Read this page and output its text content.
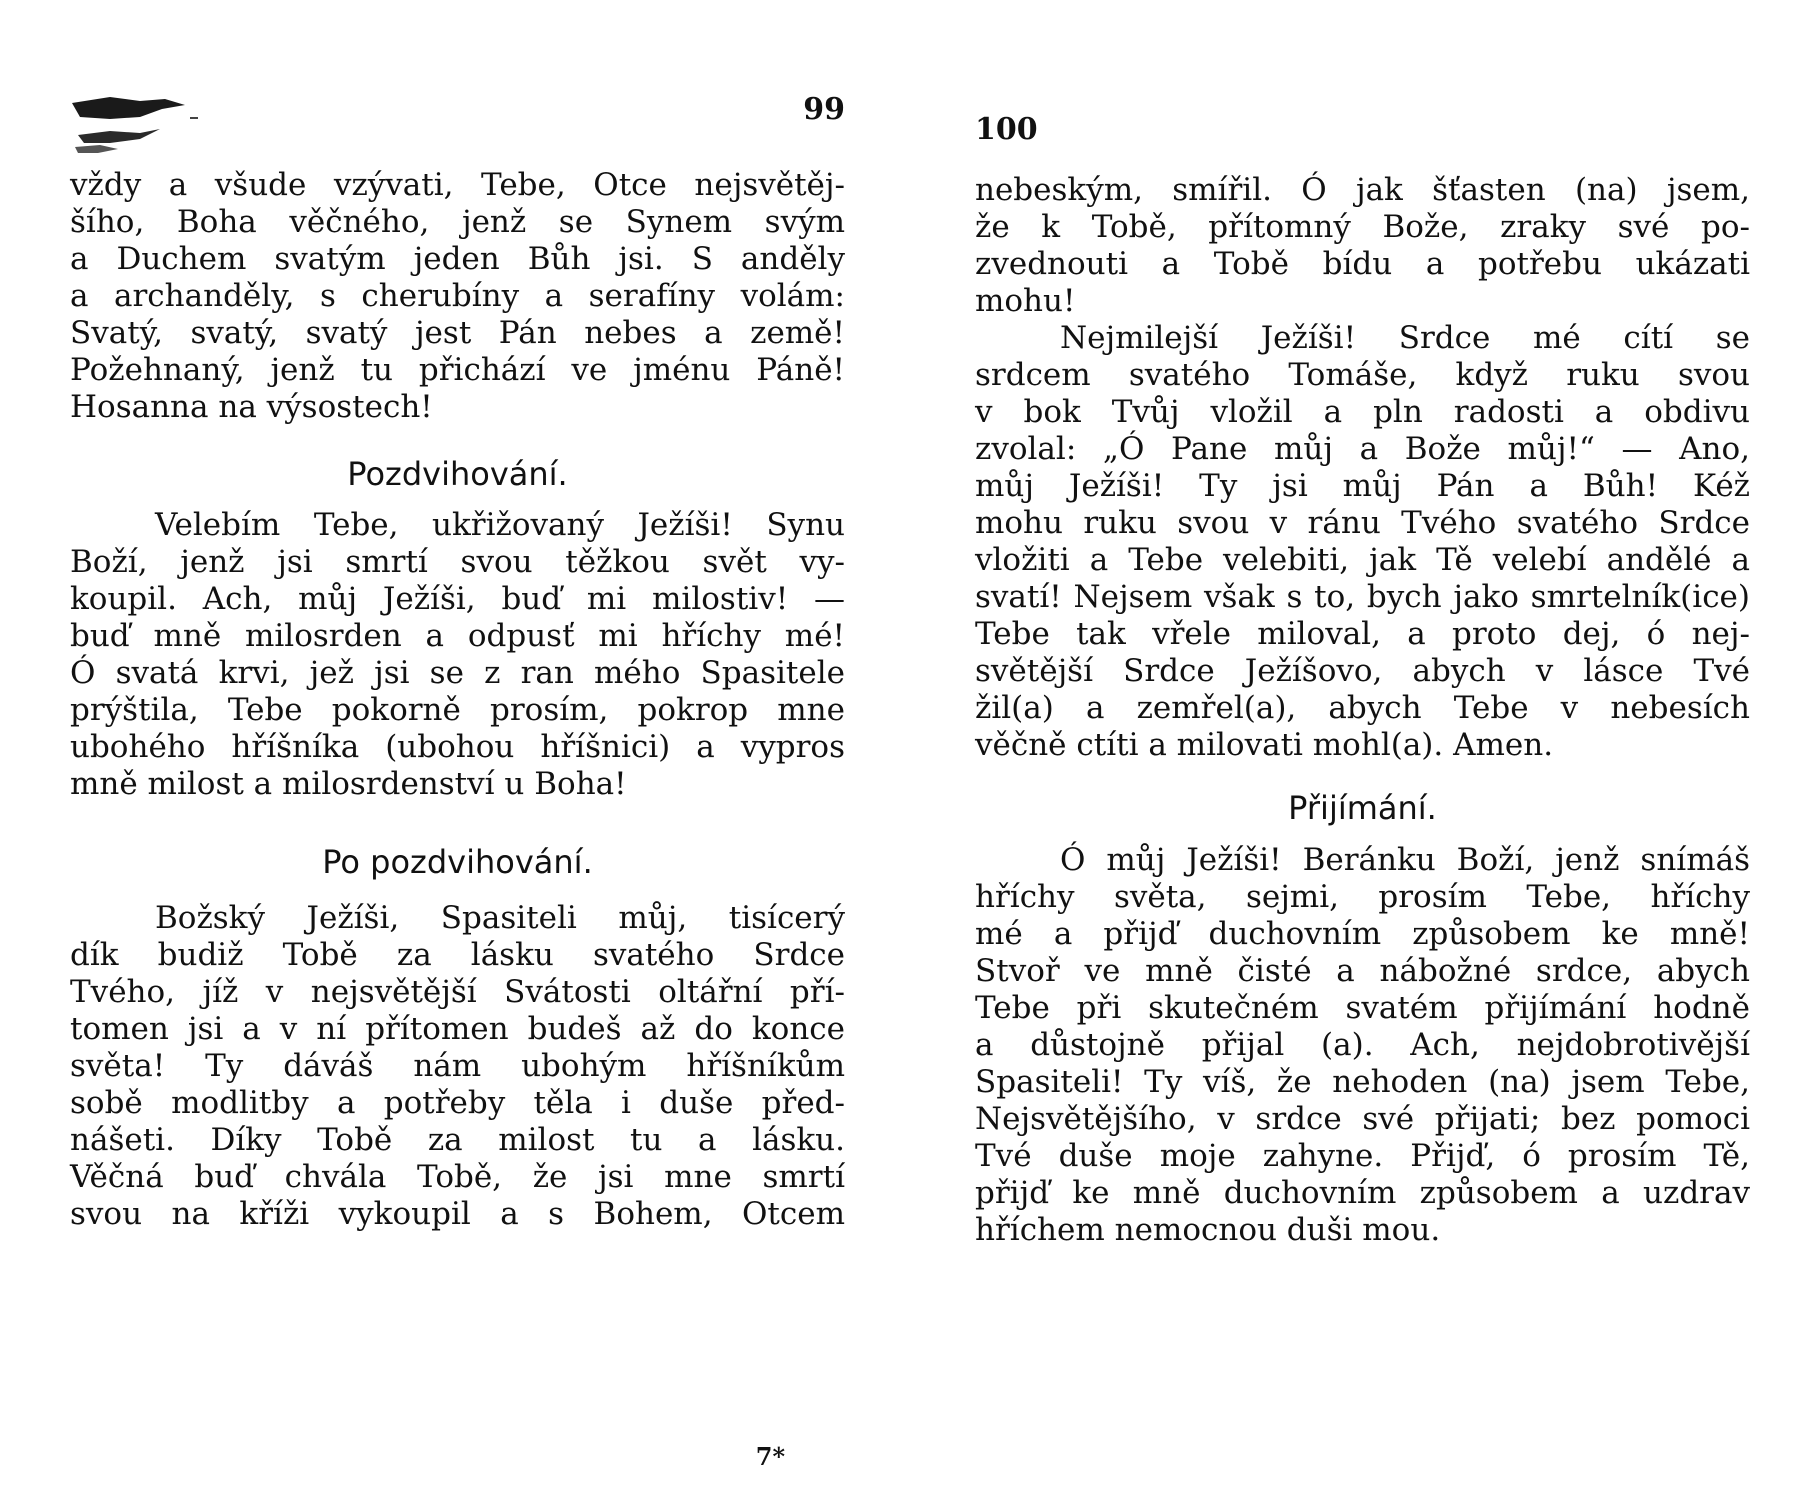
99
vždy a všude vzývati, Tebe, Otce nejsvětěj-
šího, Boha věčného, jenž se Synem svým
a Duchem svatým jeden Bůh jsi. S anděly
a archanděly, s cherubíny a serafíny volám:
Svatý, svatý, svatý jest Pán nebes a země!
Požehnaný, jenž tu přichází ve jménu Páně!
Hosanna na výsostech!
Pozdvihování.
Velebím Tebe, ukřižovaný Ježíši! Synu
Boží, jenž jsi smrtí svou těžkou svět vy-
koupil. Ach, můj Ježíši, buď mi milostiv! —
buď mně milosrden a odpusť mi hříchy mé!
Ó svatá krvi, jež jsi se z ran mého Spasitele
prýštila, Tebe pokorně prosím, pokrop mne
ubohého hříšníka (ubohou hříšnici) a vypros
mně milost a milosrdenství u Boha!
Po pozdvihování.
Božský Ježíši, Spasiteli můj, tisícerý
dík budiž Tobě za lásku svatého Srdce
Tvého, jíž v nejsvětější Svátosti oltářní pří-
tomen jsi a v ní přítomen budeš až do konce
světa! Ty dáváš nám ubohým hříšníkům
sobě modlitby a potřeby těla i duše před-
nášeti. Díky Tobě za milost tu a lásku.
Věčná buď chvála Tobě, že jsi mne smrtí
svou na kříži vykoupil a s Bohem, Otcem
7*
100
nebeským, smířil. Ó jak šťasten (na) jsem,
že k Tobě, přítomný Bože, zraky své po-
zvednouti a Tobě bídu a potřebu ukázati
mohu!
Nejmilejší Ježíši! Srdce mé cítí se
srdcem svatého Tomáše, když ruku svou
v bok Tvůj vložil a pln radosti a obdivu
zvolal: „Ó Pane můj a Bože můj!“ — Ano,
můj Ježíši! Ty jsi můj Pán a Bůh! Kéž
mohu ruku svou v ránu Tvého svatého Srdce
vložiti a Tebe velebiti, jak Tě velebí andělé a
svatí! Nejsem však s to, bych jako smrtelník(ice)
Tebe tak vřele miloval, a proto dej, ó nej-
světější Srdce Ježíšovo, abych v lásce Tvé
žil(a) a zemřel(a), abych Tebe v nebesích
věčně ctíti a milovati mohl(a). Amen.
Přijímání.
Ó můj Ježíši! Beránku Boží, jenž snímáš
hříchy světa, sejmi, prosím Tebe, hříchy
mé a přijď duchovním způsobem ke mně!
Stvoř ve mně čisté a nábožné srdce, abych
Tebe při skutečném svatém přijímání hodně
a důstojně přijal (a). Ach, nejdobrotivější
Spasiteli! Ty víš, že nehoden (na) jsem Tebe,
Nejsvětějšího, v srdce své přijati; bez pomoci
Tvé duše moje zahyne. Přijď, ó prosím Tě,
přijď ke mně duchovním způsobem a uzdrav
hříchem nemocnou duši mou.
